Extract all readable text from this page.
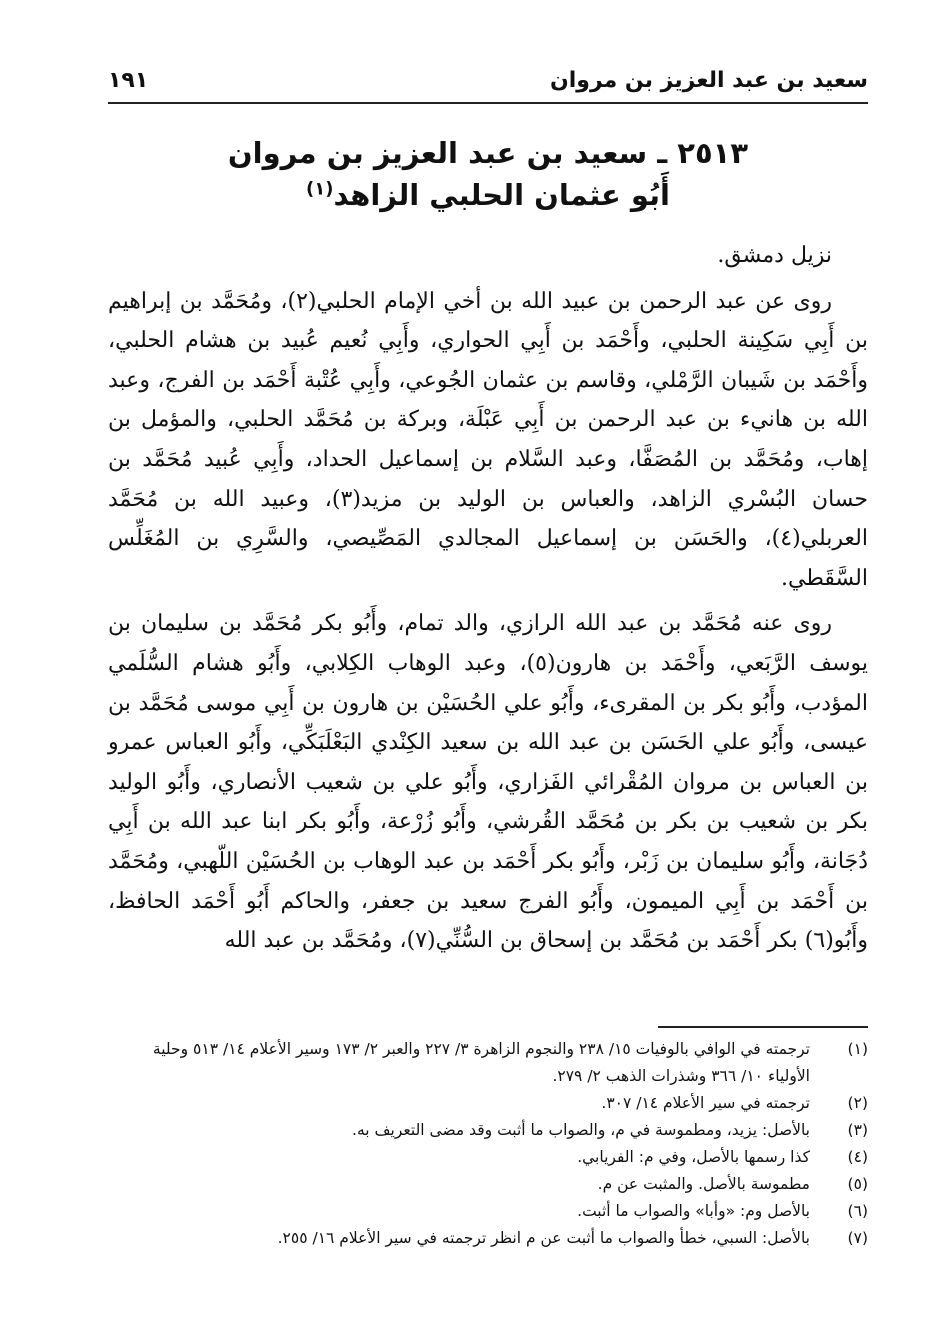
سعيد بن عبد العزيز بن مروان
١٩١
٢٥١٣ ـ سعيد بن عبد العزيز بن مروان
أَبُو عثمان الحلبي الزاهد$^{(١)}$

نزيل دمشق.

روى عن عبد الرحمن بن عبيد الله بن أخي الإمام الحلبي(٢)، ومُحَمَّد بن إبراهيم بن أَبِي سَكِينة الحلبي، وأَحْمَد بن أَبِي الحواري، وأَبِي نُعيم عُبيد بن هشام الحلبي، وأَحْمَد بن شَيبان الرَّمْلي، وقاسم بن عثمان الجُوعي، وأَبِي عُتْبة أَحْمَد بن الفرج، وعبد الله بن هانيء بن عبد الرحمن بن أَبِي عَبْلَة، وبركة بن مُحَمَّد الحلبي، والمؤمل بن إهاب، ومُحَمَّد بن المُصَفَّا، وعبد السَّلام بن إسماعيل الحداد، وأَبِي عُبيد مُحَمَّد بن حسان البُسْري الزاهد، والعباس بن الوليد بن مزيد(٣)، وعبيد الله بن مُحَمَّد العربلي(٤)، والحَسَن بن إسماعيل المجالدي المَصِّيصي، والسَّرِي بن المُغَلِّس السَّقَطي.

روى عنه مُحَمَّد بن عبد الله الرازي، والد تمام، وأَبُو بكر مُحَمَّد بن سليمان بن يوسف الرَّبَعي، وأَحْمَد بن هارون(٥)، وعبد الوهاب الكِلابي، وأَبُو هشام السُّلَمي المؤدب، وأَبُو بكر بن المقرىء، وأَبُو علي الحُسَيْن بن هارون بن أَبِي موسى مُحَمَّد بن عيسى، وأَبُو علي الحَسَن بن عبد الله بن سعيد الكِنْدي البَعْلَبَكِّي، وأَبُو العباس عمرو بن العباس بن مروان المُقْرائي الفَزاري، وأَبُو علي بن شعيب الأنصاري، وأَبُو الوليد بكر بن شعيب بن بكر بن مُحَمَّد القُرشي، وأَبُو زُرْعة، وأَبُو بكر ابنا عبد الله بن أَبِي دُجَانة، وأَبُو سليمان بن زَبْر، وأَبُو بكر أَحْمَد بن عبد الوهاب بن الحُسَيْن اللّهبي، ومُحَمَّد بن أَحْمَد بن أَبِي الميمون، وأَبُو الفرج سعيد بن جعفر، والحاكم أَبُو أَحْمَد الحافظ، وأَبُو(٦) بكر أَحْمَد بن مُحَمَّد بن إسحاق بن السُّنِّي(٧)، ومُحَمَّد بن عبد الله

(١)
ترجمته في الوافي بالوفيات ١٥/ ٢٣٨ والنجوم الزاهرة ٣/ ٢٢٧ والعبر ٢/ ١٧٣ وسير الأعلام ١٤/ ٥١٣ وحلية الأولياء ١٠/ ٣٦٦ وشذرات الذهب ٢/ ٢٧٩.
(٢)
ترجمته في سير الأعلام ١٤/ ٣٠٧.
(٣)
بالأصل: يزيد، ومطموسة في م، والصواب ما أثبت وقد مضى التعريف به.
(٤)
كذا رسمها بالأصل، وفي م: الفريابي.
(٥)
مطموسة بالأصل. والمثبت عن م.
(٦)
بالأصل وم: «وأبا» والصواب ما أثبت.
(٧)
بالأصل: السبي، خطأ والصواب ما أثبت عن م انظر ترجمته في سير الأعلام ١٦/ ٢٥٥.
